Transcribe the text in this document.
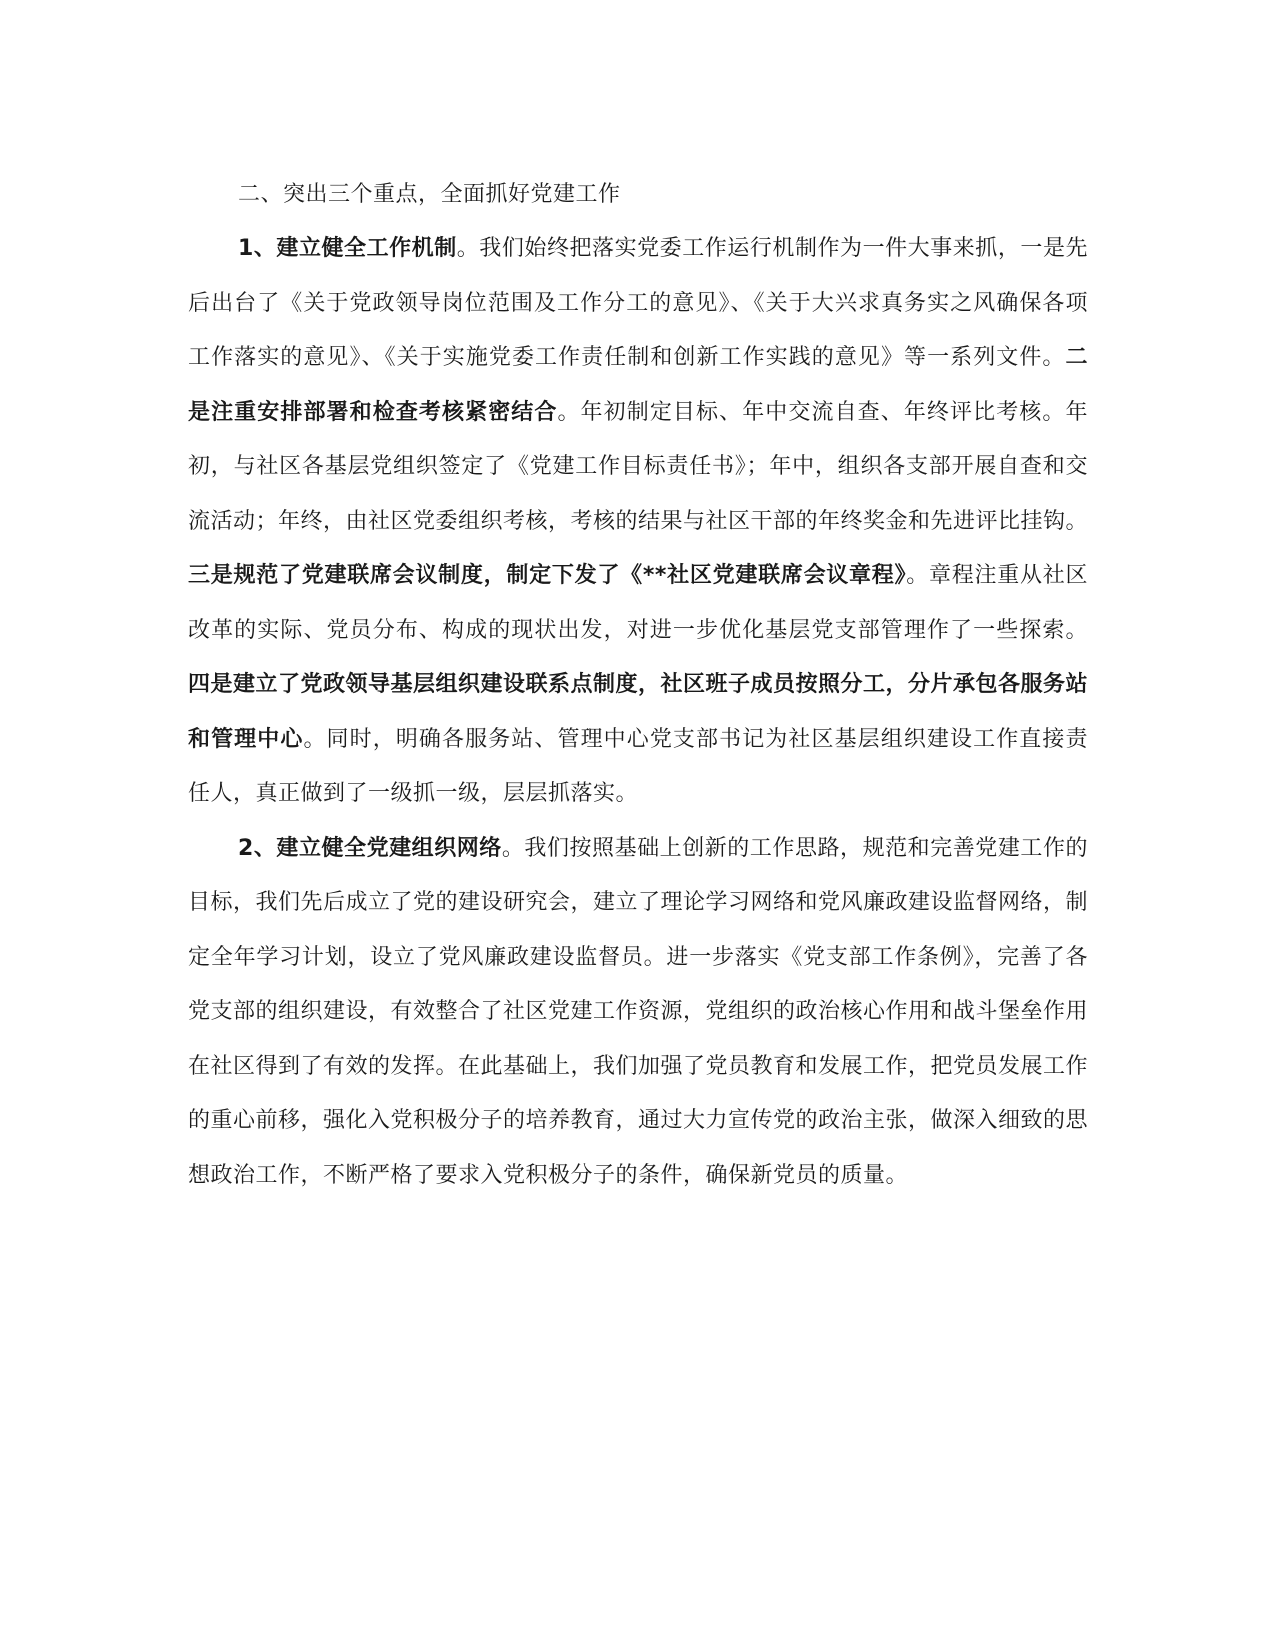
二、突出三个重点，全面抓好党建工作

1、建立健全工作机制。我们始终把落实党委工作运行机制作为一件大事来抓，一是先后出台了《关于党政领导岗位范围及工作分工的意见》、《关于大兴求真务实之风确保各项工作落实的意见》、《关于实施党委工作责任制和创新工作实践的意见》等一系列文件。二是注重安排部署和检查考核紧密结合。年初制定目标、年中交流自查、年终评比考核。年初，与社区各基层党组织签定了《党建工作目标责任书》；年中，组织各支部开展自查和交流活动；年终，由社区党委组织考核，考核的结果与社区干部的年终奖金和先进评比挂钩。三是规范了党建联席会议制度，制定下发了《**社区党建联席会议章程》。章程注重从社区改革的实际、党员分布、构成的现状出发，对进一步优化基层党支部管理作了一些探索。四是建立了党政领导基层组织建设联系点制度，社区班子成员按照分工，分片承包各服务站和管理中心。同时，明确各服务站、管理中心党支部书记为社区基层组织建设工作直接责任人，真正做到了一级抓一级，层层抓落实。

2、建立健全党建组织网络。我们按照基础上创新的工作思路，规范和完善党建工作的目标，我们先后成立了党的建设研究会，建立了理论学习网络和党风廉政建设监督网络，制定全年学习计划，设立了党风廉政建设监督员。进一步落实《党支部工作条例》，完善了各党支部的组织建设，有效整合了社区党建工作资源，党组织的政治核心作用和战斗堡垒作用在社区得到了有效的发挥。在此基础上，我们加强了党员教育和发展工作，把党员发展工作的重心前移，强化入党积极分子的培养教育，通过大力宣传党的政治主张，做深入细致的思想政治工作，不断严格了要求入党积极分子的条件，确保新党员的质量。
